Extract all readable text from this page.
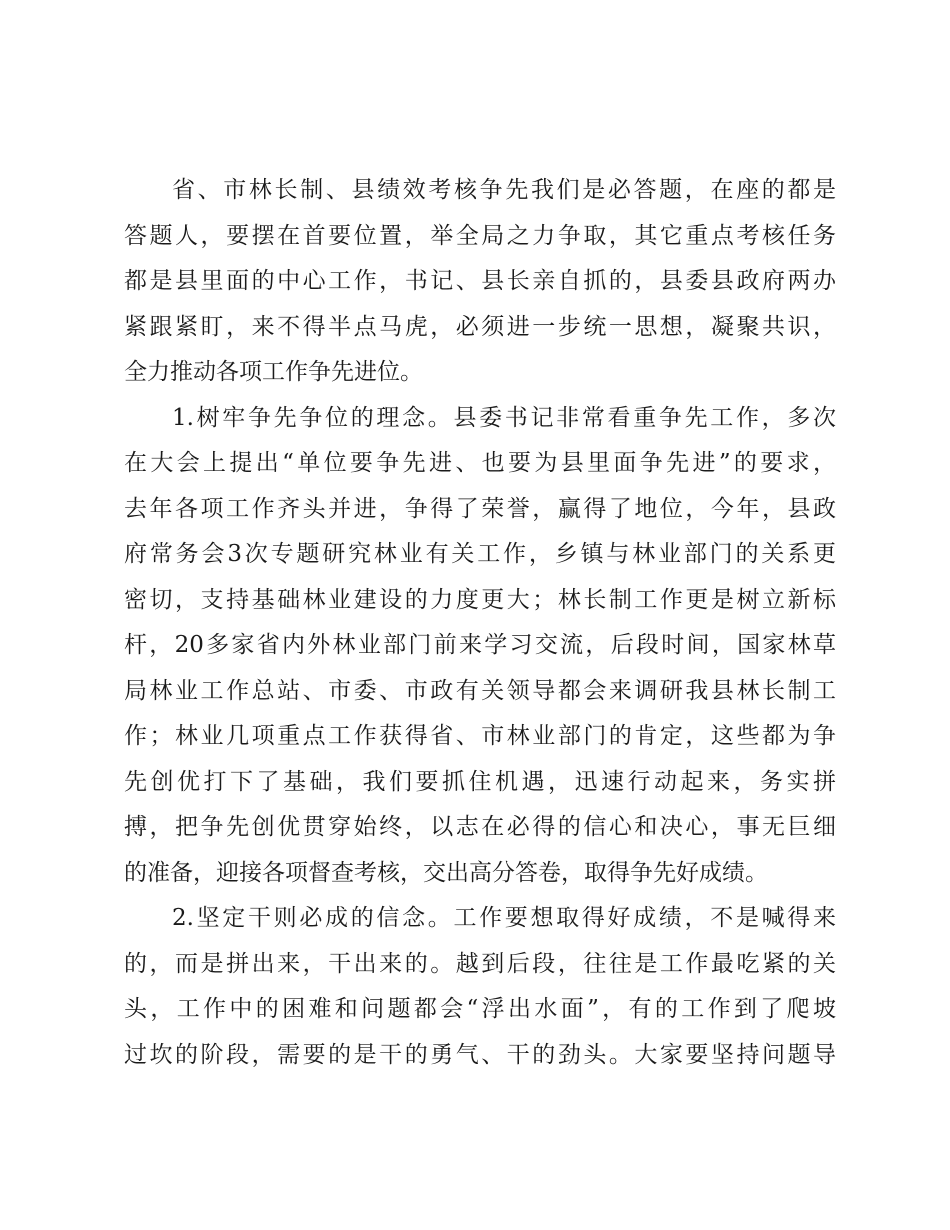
省、市林长制、县绩效考核争先我们是必答题，在座的都是
答题人，要摆在首要位置，举全局之力争取，其它重点考核任务
都是县里面的中心工作，书记、县长亲自抓的，县委县政府两办
紧跟紧盯，来不得半点马虎，必须进一步统一思想，凝聚共识，
全力推动各项工作争先进位。
1.树牢争先争位的理念。县委书记非常看重争先工作，多次
在大会上提出“单位要争先进、也要为县里面争先进”的要求，
去年各项工作齐头并进，争得了荣誉，赢得了地位，今年，县政
府常务会3次专题研究林业有关工作，乡镇与林业部门的关系更
密切，支持基础林业建设的力度更大；林长制工作更是树立新标
杆，20多家省内外林业部门前来学习交流，后段时间，国家林草
局林业工作总站、市委、市政有关领导都会来调研我县林长制工
作；林业几项重点工作获得省、市林业部门的肯定，这些都为争
先创优打下了基础，我们要抓住机遇，迅速行动起来，务实拼
搏，把争先创优贯穿始终，以志在必得的信心和决心，事无巨细
的准备，迎接各项督查考核，交出高分答卷，取得争先好成绩。
2.坚定干则必成的信念。工作要想取得好成绩，不是喊得来
的，而是拼出来，干出来的。越到后段，往往是工作最吃紧的关
头，工作中的困难和问题都会“浮出水面”，有的工作到了爬坡
过坎的阶段，需要的是干的勇气、干的劲头。大家要坚持问题导
